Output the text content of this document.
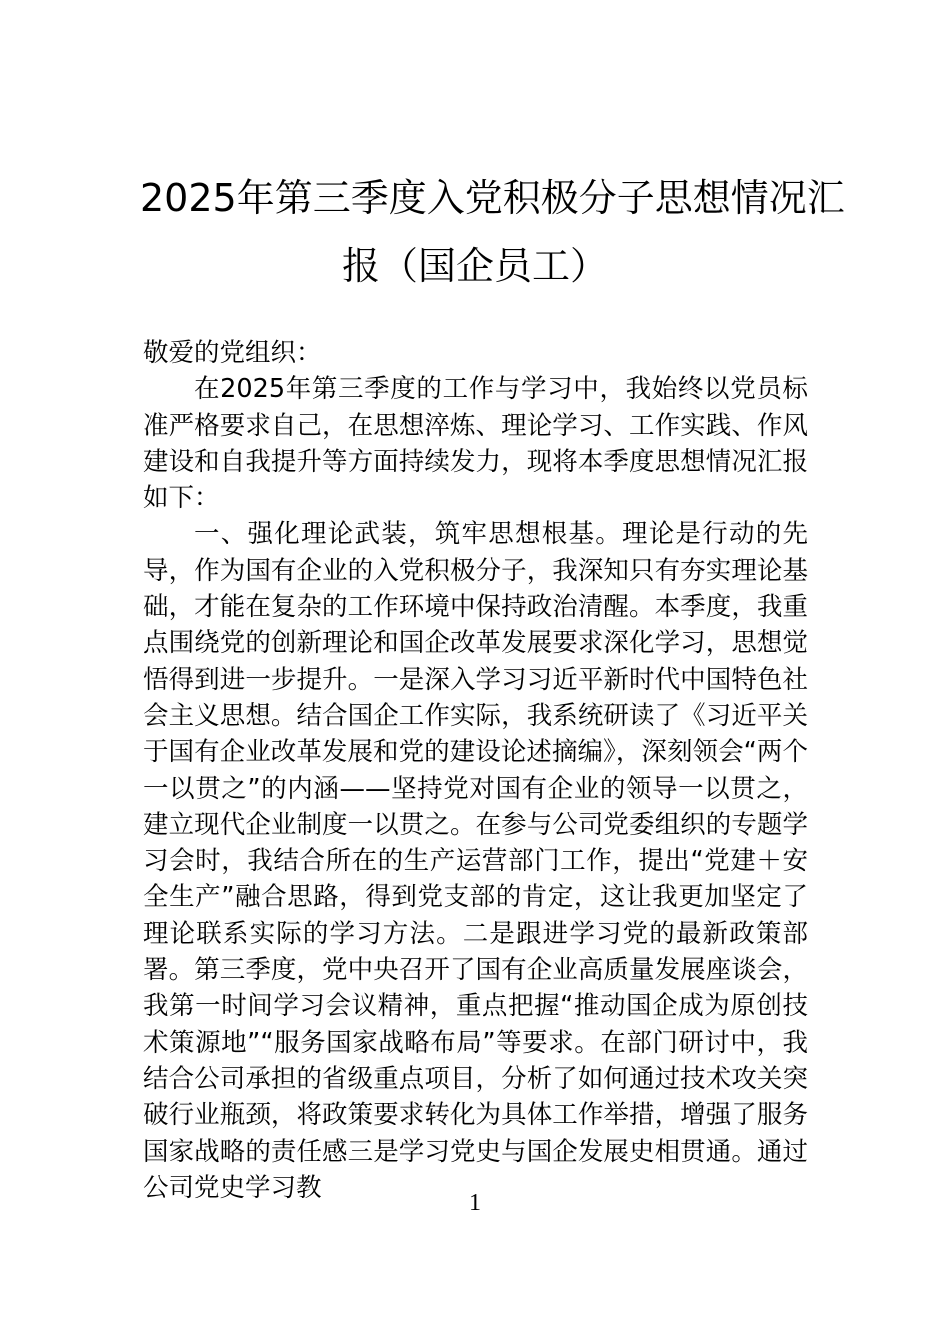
2025年第三季度入党积极分子思想情况汇
报（国企员工）

敬爱的党组织：

在2025年第三季度的工作与学习中，我始终以党员标准严格要求自己，在思想淬炼、理论学习、工作实践、作风建设和自我提升等方面持续发力，现将本季度思想情况汇报如下：

一、强化理论武装，筑牢思想根基。理论是行动的先导，作为国有企业的入党积极分子，我深知只有夯实理论基础，才能在复杂的工作环境中保持政治清醒。本季度，我重点围绕党的创新理论和国企改革发展要求深化学习，思想觉悟得到进一步提升。一是深入学习习近平新时代中国特色社会主义思想。结合国企工作实际，我系统研读了《习近平关于国有企业改革发展和党的建设论述摘编》，深刻领会“两个一以贯之”的内涵——坚持党对国有企业的领导一以贯之，建立现代企业制度一以贯之。在参与公司党委组织的专题学习会时，我结合所在的生产运营部门工作，提出“党建＋安全生产”融合思路，得到党支部的肯定，这让我更加坚定了理论联系实际的学习方法。二是跟进学习党的最新政策部署。第三季度，党中央召开了国有企业高质量发展座谈会，我第一时间学习会议精神，重点把握“推动国企成为原创技术策源地”“服务国家战略布局”等要求。在部门研讨中，我结合公司承担的省级重点项目，分析了如何通过技术攻关突破行业瓶颈，将政策要求转化为具体工作举措，增强了服务国家战略的责任感三是学习党史与国企发展史相贯通。通过公司党史学习教

1
